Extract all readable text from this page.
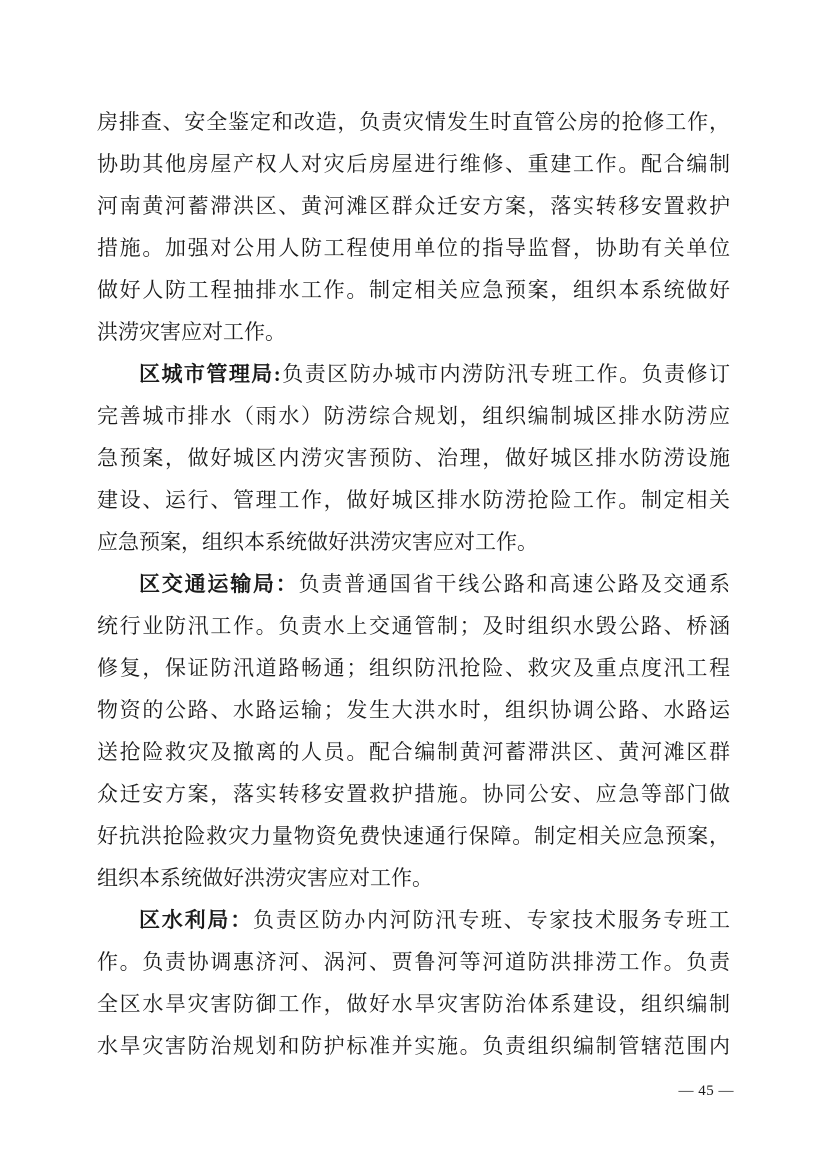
房排查、安全鉴定和改造，负责灾情发生时直管公房的抢修工作，
协助其他房屋产权人对灾后房屋进行维修、重建工作。配合编制
河南黄河蓄滞洪区、黄河滩区群众迁安方案，落实转移安置救护
措施。加强对公用人防工程使用单位的指导监督，协助有关单位
做好人防工程抽排水工作。制定相关应急预案，组织本系统做好
洪涝灾害应对工作。
区城市管理局:负责区防办城市内涝防汛专班工作。负责修订
完善城市排水（雨水）防涝综合规划，组织编制城区排水防涝应
急预案，做好城区内涝灾害预防、治理，做好城区排水防涝设施
建设、运行、管理工作，做好城区排水防涝抢险工作。制定相关
应急预案，组织本系统做好洪涝灾害应对工作。
区交通运输局：负责普通国省干线公路和高速公路及交通系
统行业防汛工作。负责水上交通管制；及时组织水毁公路、桥涵
修复，保证防汛道路畅通；组织防汛抢险、救灾及重点度汛工程
物资的公路、水路运输；发生大洪水时，组织协调公路、水路运
送抢险救灾及撤离的人员。配合编制黄河蓄滞洪区、黄河滩区群
众迁安方案，落实转移安置救护措施。协同公安、应急等部门做
好抗洪抢险救灾力量物资免费快速通行保障。制定相关应急预案，
组织本系统做好洪涝灾害应对工作。
区水利局：负责区防办内河防汛专班、专家技术服务专班工
作。负责协调惠济河、涡河、贾鲁河等河道防洪排涝工作。负责
全区水旱灾害防御工作，做好水旱灾害防治体系建设，组织编制
水旱灾害防治规划和防护标准并实施。负责组织编制管辖范围内
— 45 —
